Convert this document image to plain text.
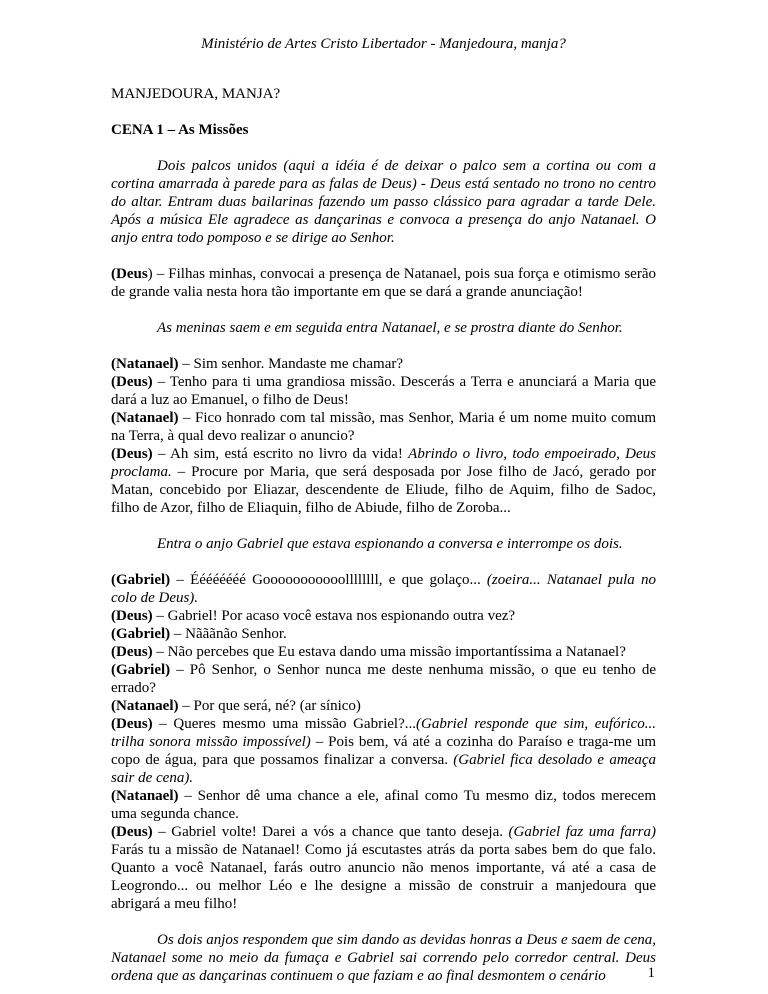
Ministério de Artes Cristo Libertador - Manjedoura, manja?
MANJEDOURA, MANJA?
CENA 1 – As Missões

Dois palcos unidos (aqui a idéia é de deixar o palco sem a cortina ou com a cortina amarrada à parede para as falas de Deus) - Deus está sentado no trono no centro do altar. Entram duas bailarinas fazendo um passo clássico para agradar a tarde Dele. Após a música Ele agradece as dançarinas e convoca a presença do anjo Natanael. O anjo entra todo pomposo e se dirige ao Senhor.

(Deus) – Filhas minhas, convocai a presença de Natanael, pois sua força e otimismo serão de grande valia nesta hora tão importante em que se dará a grande anunciação!

As meninas saem e em seguida entra Natanael, e se prostra diante do Senhor.

(Natanael) – Sim senhor. Mandaste me chamar?

(Deus) – Tenho para ti uma grandiosa missão. Descerás a Terra e anunciará a Maria que dará a luz ao Emanuel, o filho de Deus!

(Natanael) – Fico honrado com tal missão, mas Senhor, Maria é um nome muito comum na Terra, à qual devo realizar o anuncio?

(Deus) – Ah sim, está escrito no livro da vida! Abrindo o livro, todo empoeirado, Deus proclama. – Procure por Maria, que será desposada por Jose filho de Jacó, gerado por Matan, concebido por Eliazar, descendente de Eliude, filho de Aquim, filho de Sadoc, filho de Azor, filho de Eliaquin, filho de Abiude, filho de Zoroba...

Entra o anjo Gabriel que estava espionando a conversa e interrompe os dois.

(Gabriel) – Éééééééé Gooooooooooollllllll, e que golaço... (zoeira... Natanael pula no colo de Deus).

(Deus) – Gabriel! Por acaso você estava nos espionando outra vez?

(Gabriel) – Nãããnão Senhor.

(Deus) – Não percebes que Eu estava dando uma missão importantíssima a Natanael?

(Gabriel) – Pô Senhor, o Senhor nunca me deste nenhuma missão, o que eu tenho de errado?

(Natanael) – Por que será, né? (ar sínico)

(Deus) – Queres mesmo uma missão Gabriel?...(Gabriel responde que sim, eufórico... trilha sonora missão impossível) – Pois bem, vá até a cozinha do Paraíso e traga-me um copo de água, para que possamos finalizar a conversa. (Gabriel fica desolado e ameaça sair de cena).

(Natanael) – Senhor dê uma chance a ele, afinal como Tu mesmo diz, todos merecem uma segunda chance.

(Deus) – Gabriel volte! Darei a vós a chance que tanto deseja. (Gabriel faz uma farra) Farás tu a missão de Natanael! Como já escutastes atrás da porta sabes bem do que falo. Quanto a você Natanael, farás outro anuncio não menos importante, vá até a casa de Leogrondo... ou melhor Léo e lhe designe a missão de construir a manjedoura que abrigará a meu filho!

Os dois anjos respondem que sim dando as devidas honras a Deus e saem de cena, Natanael some no meio da fumaça e Gabriel sai correndo pelo corredor central. Deus ordena que as dançarinas continuem o que faziam e ao final desmontem o cenário	1
